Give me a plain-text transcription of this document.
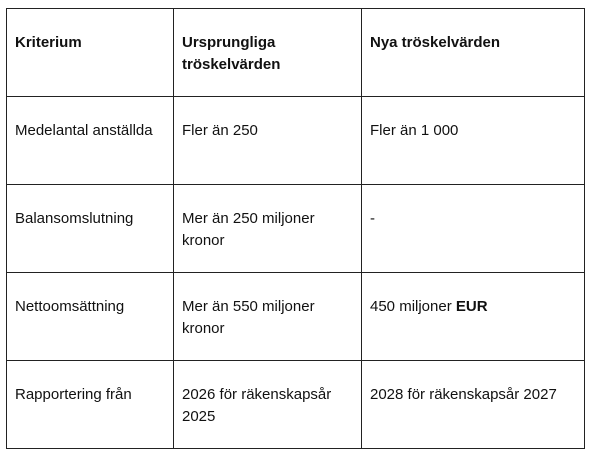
Kriterium	Ursprungliga tröskelvärden	Nya tröskelvärden
Medelantal anställda	Fler än 250	Fler än 1 000
Balansomslutning	Mer än 250 miljoner kronor	-
Nettoomsättning	Mer än 550 miljoner kronor	450 miljoner EUR
Rapportering från	2026 för räkenskapsår 2025	2028 för räkenskapsår 2027
